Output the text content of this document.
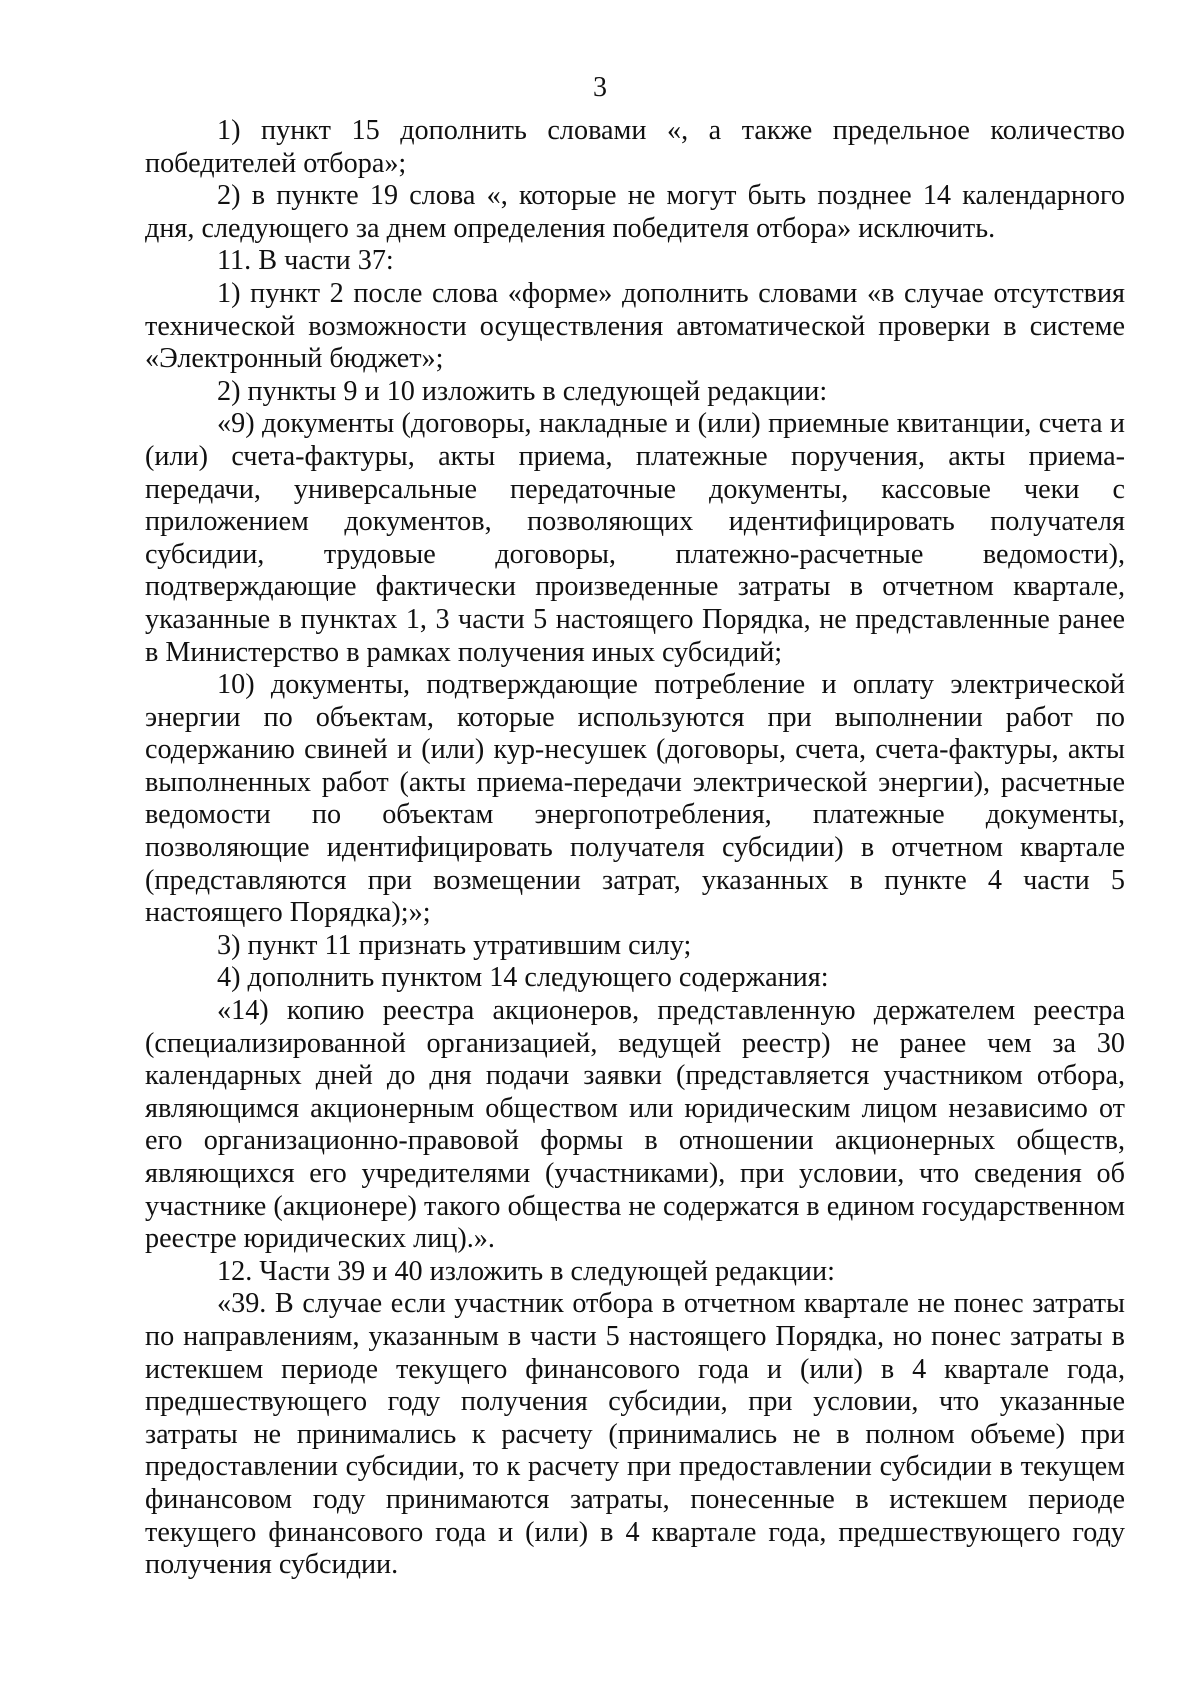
3

1) пункт 15 дополнить словами «, а также предельное количество победителей отбора»;

2) в пункте 19 слова «, которые не могут быть позднее 14 календарного дня, следующего за днем определения победителя отбора» исключить.

11. В части 37:

1) пункт 2 после слова «форме» дополнить словами «в случае отсутствия технической возможности осуществления автоматической проверки в системе «Электронный бюджет»;

2) пункты 9 и 10 изложить в следующей редакции:

«9) документы (договоры, накладные и (или) приемные квитанции, счета и (или) счета-фактуры, акты приема, платежные поручения, акты приема-передачи, универсальные передаточные документы, кассовые чеки с приложением документов, позволяющих идентифицировать получателя субсидии, трудовые договоры, платежно-расчетные ведомости), подтверждающие фактически произведенные затраты в отчетном квартале, указанные в пунктах 1, 3 части 5 настоящего Порядка, не представленные ранее в Министерство в рамках получения иных субсидий;

10) документы, подтверждающие потребление и оплату электрической энергии по объектам, которые используются при выполнении работ по содержанию свиней и (или) кур-несушек (договоры, счета, счета-фактуры, акты выполненных работ (акты приема-передачи электрической энергии), расчетные ведомости по объектам энергопотребления, платежные документы, позволяющие идентифицировать получателя субсидии) в отчетном квартале (представляются при возмещении затрат, указанных в пункте 4 части 5 настоящего Порядка);»;

3) пункт 11 признать утратившим силу;

4) дополнить пунктом 14 следующего содержания:

«14) копию реестра акционеров, представленную держателем реестра (специализированной организацией, ведущей реестр) не ранее чем за 30 календарных дней до дня подачи заявки (представляется участником отбора, являющимся акционерным обществом или юридическим лицом независимо от его организационно-правовой формы в отношении акционерных обществ, являющихся его учредителями (участниками), при условии, что сведения об участнике (акционере) такого общества не содержатся в едином государственном реестре юридических лиц).».

12. Части 39 и 40 изложить в следующей редакции:

«39. В случае если участник отбора в отчетном квартале не понес затраты по направлениям, указанным в части 5 настоящего Порядка, но понес затраты в истекшем периоде текущего финансового года и (или) в 4 квартале года, предшествующего году получения субсидии, при условии, что указанные затраты не принимались к расчету (принимались не в полном объеме) при предоставлении субсидии, то к расчету при предоставлении субсидии в текущем финансовом году принимаются затраты, понесенные в истекшем периоде текущего финансового года и (или) в 4 квартале года, предшествующего году получения субсидии.
